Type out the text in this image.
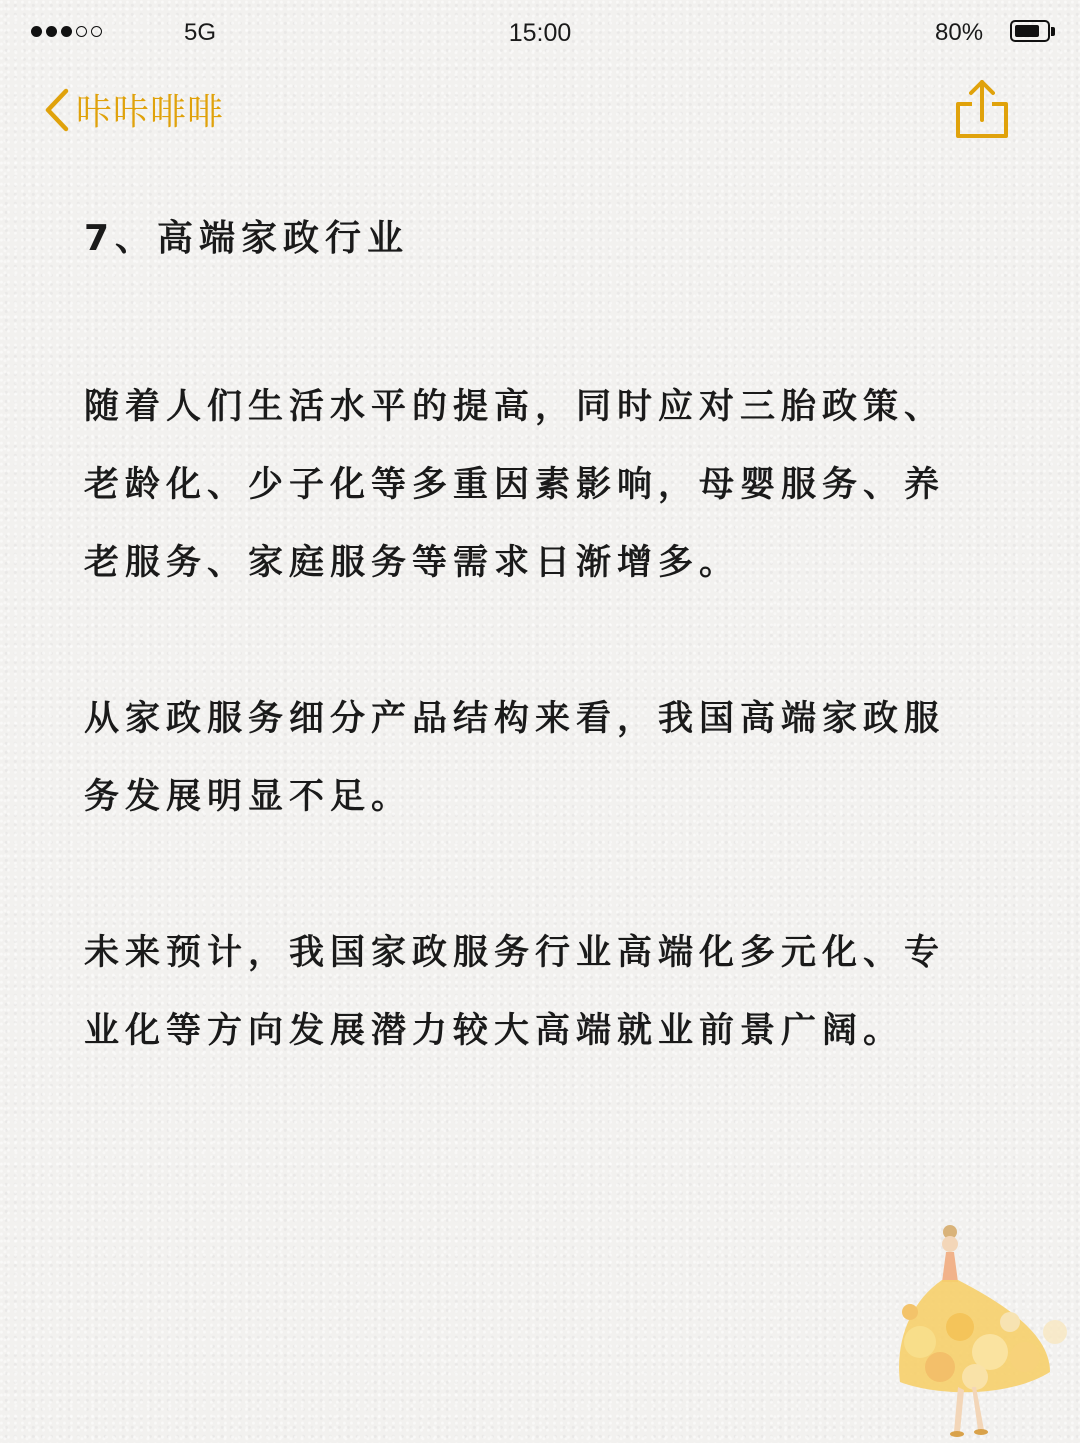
5G	15:00	80%
咔咔啡啡
7、高端家政行业
随着人们生活水平的提高，同时应对三胎政策、
老龄化、少子化等多重因素影响，母婴服务、养
老服务、家庭服务等需求日渐增多。
从家政服务细分产品结构来看，我国高端家政服
务发展明显不足。
未来预计，我国家政服务行业高端化多元化、专
业化等方向发展潜力较大高端就业前景广阔。
